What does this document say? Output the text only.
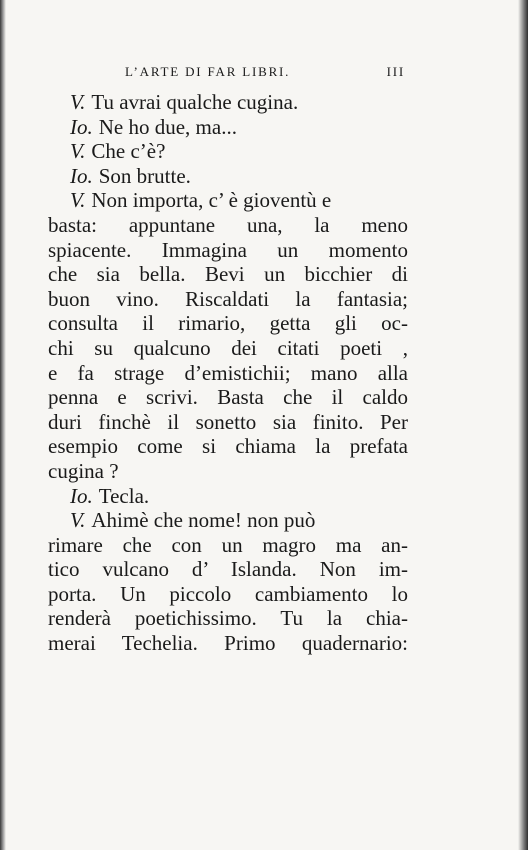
L’ARTE DI FAR LIBRI.	III
V. Tu avrai qualche cugina.
Io. Ne ho due, ma...
V. Che c’è?
Io. Son brutte.
V. Non importa, c’ è gioventù e
basta: appuntane una, la meno
spiacente. Immagina un momento
che sia bella. Bevi un bicchier di
buon vino. Riscaldati la fantasia;
consulta il rimario, getta gli oc-
chi su qualcuno dei citati poeti ,
e fa strage d’emistichii; mano alla
penna e scrivi. Basta che il caldo
duri finchè il sonetto sia finito. Per
esempio come si chiama la prefata
cugina ?
Io. Tecla.
V. Ahimè che nome! non può
rimare che con un magro ma an-
tico vulcano d’ Islanda. Non im-
porta. Un piccolo cambiamento lo
renderà poetichissimo. Tu la chia-
merai Techelia. Primo quadernario:
